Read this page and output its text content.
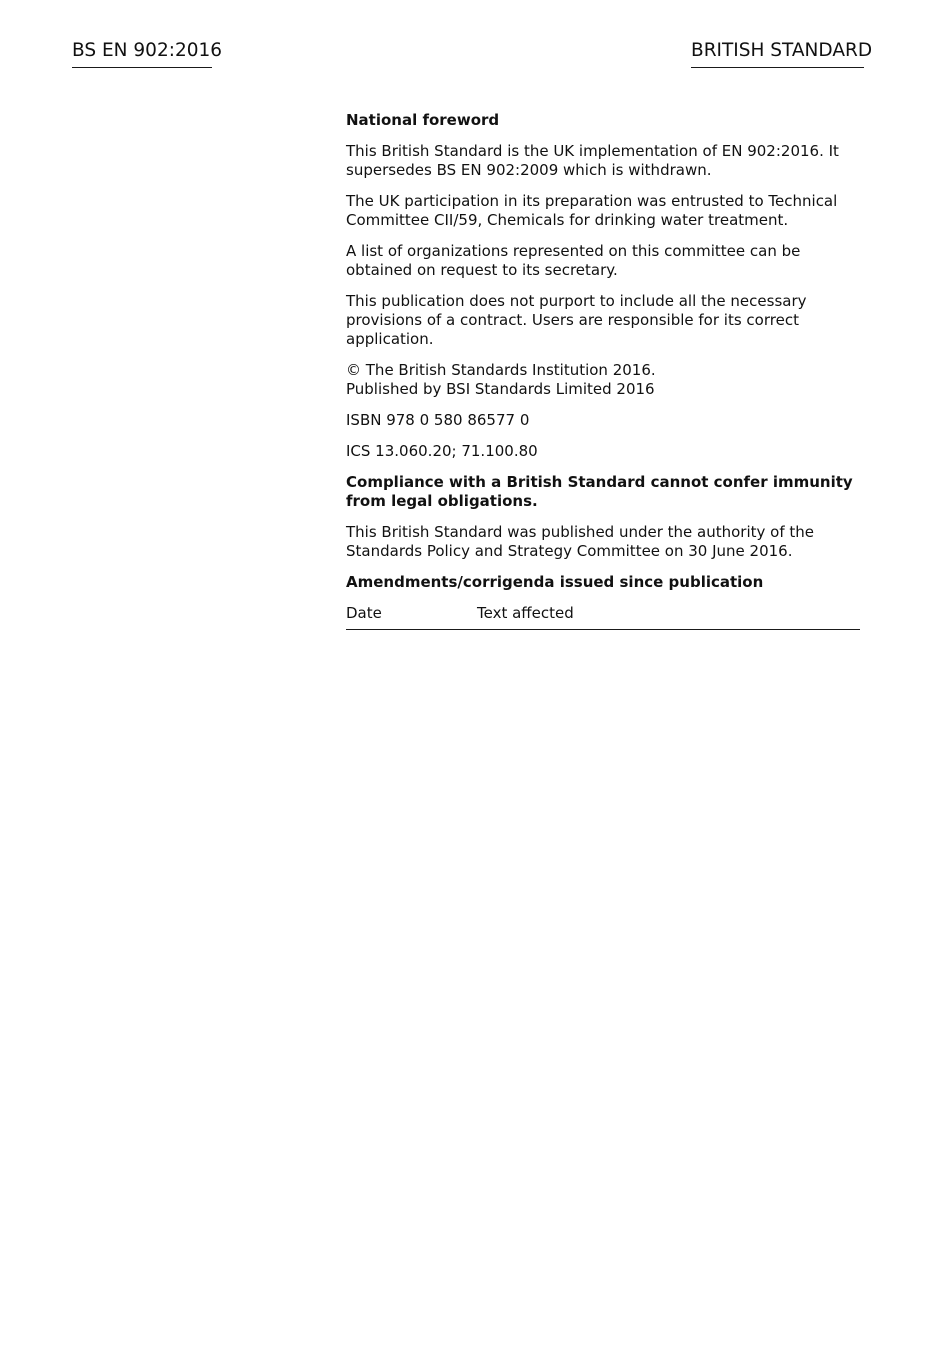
BS EN 902:2016	BRITISH STANDARD

National foreword

This British Standard is the UK implementation of EN 902:2016. It supersedes BS EN 902:2009 which is withdrawn.

The UK participation in its preparation was entrusted to Technical Committee CII/59, Chemicals for drinking water treatment.

A list of organizations represented on this committee can be obtained on request to its secretary.

This publication does not purport to include all the necessary provisions of a contract. Users are responsible for its correct application.

© The British Standards Institution 2016.
Published by BSI Standards Limited 2016

ISBN 978 0 580 86577 0

ICS 13.060.20; 71.100.80

Compliance with a British Standard cannot confer immunity from legal obligations.

This British Standard was published under the authority of the Standards Policy and Strategy Committee on 30 June 2016.

Amendments/corrigenda issued since publication

Date	Text affected
